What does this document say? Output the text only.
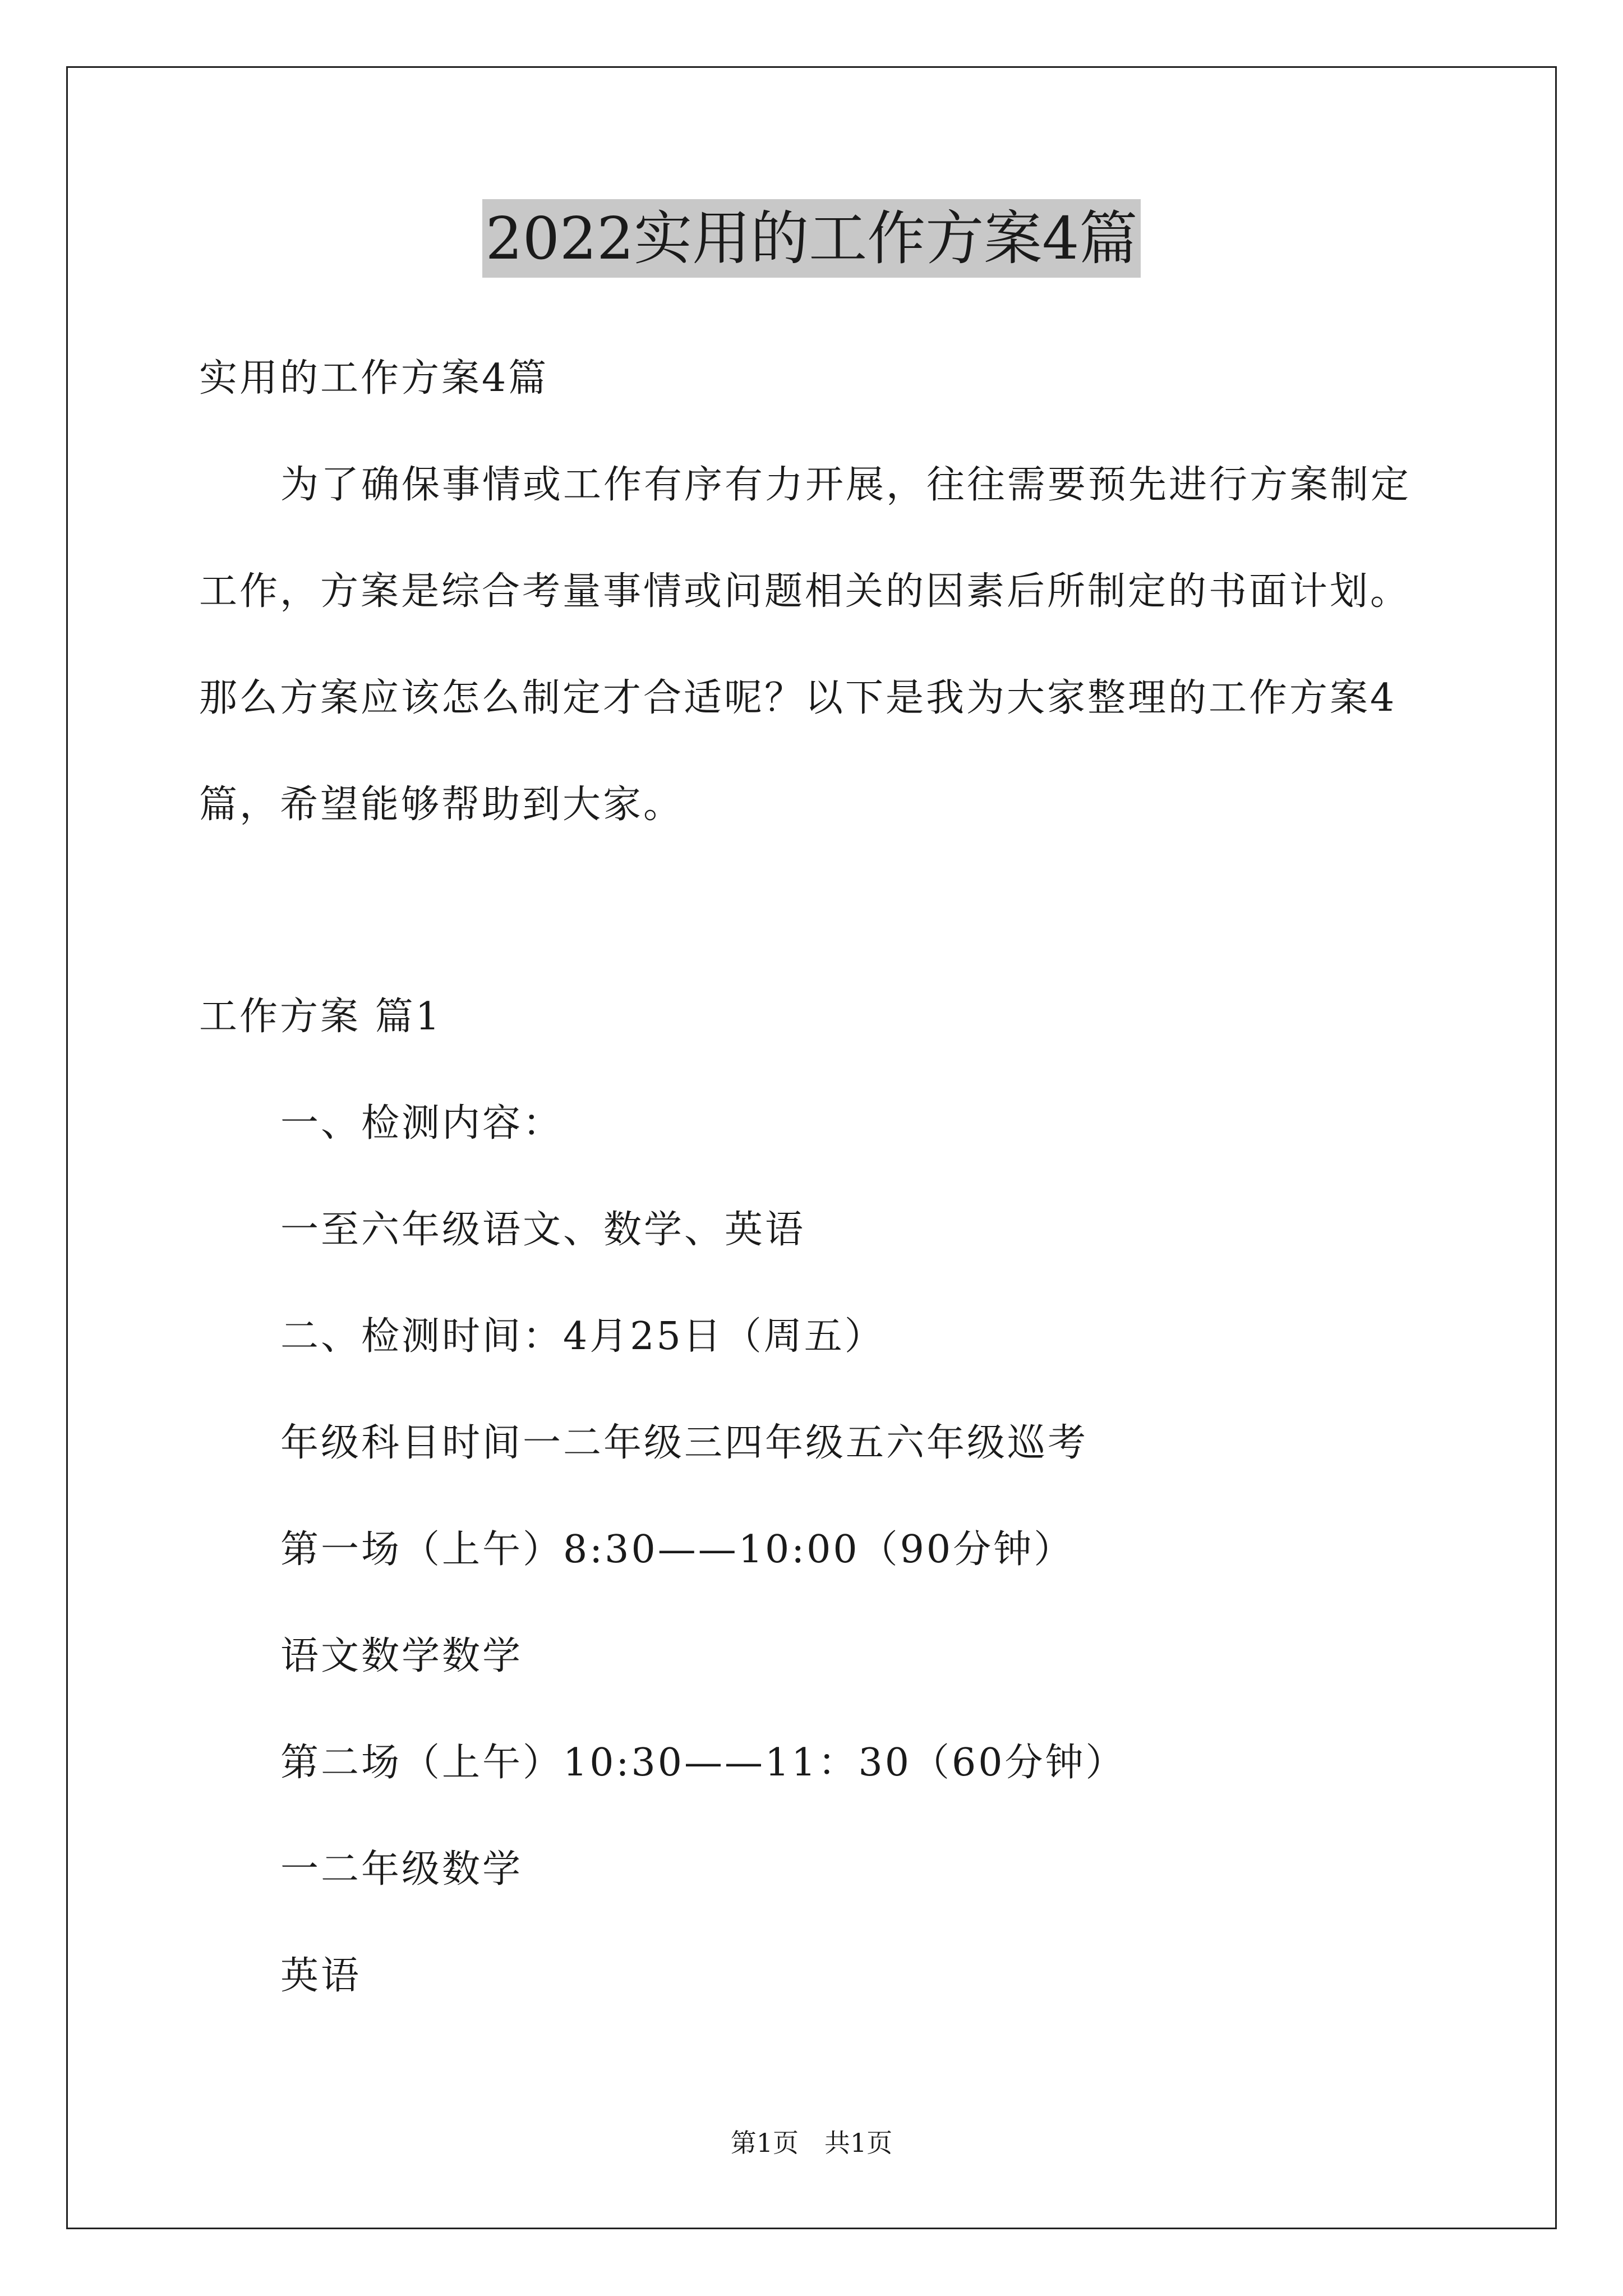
2022实用的工作方案4篇
实用的工作方案4篇
为了确保事情或工作有序有力开展，往往需要预先进行方案制定
工作，方案是综合考量事情或问题相关的因素后所制定的书面计划。
那么方案应该怎么制定才合适呢？以下是我为大家整理的工作方案4
篇，希望能够帮助到大家。
工作方案 篇1
一、检测内容：
一至六年级语文、数学、英语
二、检测时间：4月25日（周五）
年级科目时间一二年级三四年级五六年级巡考
第一场（上午）8:30——10:00（90分钟）
语文数学数学
第二场（上午）10:30——11：30（60分钟）
一二年级数学
英语
第1页　共1页
